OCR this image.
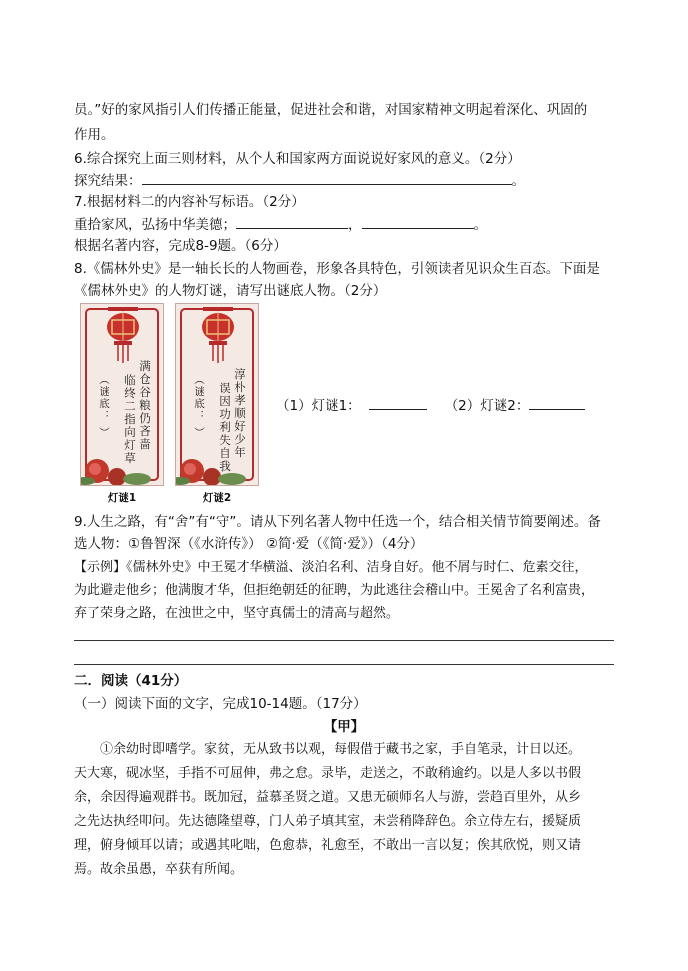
员。”好的家风指引人们传播正能量，促进社会和谐，对国家精神文明起着深化、巩固的
作用。
6.综合探究上面三则材料，从个人和国家两方面说说好家风的意义。（2分）
探究结果：	。
7.根据材料二的内容补写标语。（2分）
重拾家风，弘扬中华美德；	，	。
根据名著内容，完成8-9题。（6分）
8.《儒林外史》是一轴长长的人物画卷，形象各具特色，引领读者见识众生百态。下面是
《儒林外史》的人物灯谜，请写出谜底人物。（2分）
满仓谷粮仍吝啬
临终二指向灯草
（谜底： ）
灯谜1
淳朴孝顺好少年
误因功利失自我
（谜底： ）
灯谜2
（1）灯谜1：	（2）灯谜2：
9.人生之路，有“舍”有“守”。请从下列名著人物中任选一个，结合相关情节简要阐述。备
选人物：①鲁智深（《水浒传》） ②简·爱（《简·爱》）（4分）
【示例】《儒林外史》中王冕才华横溢、淡泊名利、洁身自好。他不屑与时仁、危素交往，
为此避走他乡；他满腹才华，但拒绝朝廷的征聘，为此逃往会稽山中。王冕舍了名利富贵，
弃了荣身之路，在浊世之中，坚守真儒士的清高与超然。
二．阅读（41分）
（一）阅读下面的文字，完成10-14题。（17分）
【甲】
①余幼时即嗜学。家贫，无从致书以观，每假借于藏书之家，手自笔录，计日以还。
天大寒，砚冰坚，手指不可屈伸，弗之怠。录毕，走送之，不敢稍逾约。以是人多以书假
余，余因得遍观群书。既加冠，益慕圣贤之道。又患无硕师名人与游，尝趋百里外，从乡
之先达执经叩问。先达德隆望尊，门人弟子填其室，未尝稍降辞色。余立侍左右，援疑质
理，俯身倾耳以请；或遇其叱咄，色愈恭，礼愈至，不敢出一言以复；俟其欣悦，则又请
焉。故余虽愚，卒获有所闻。
